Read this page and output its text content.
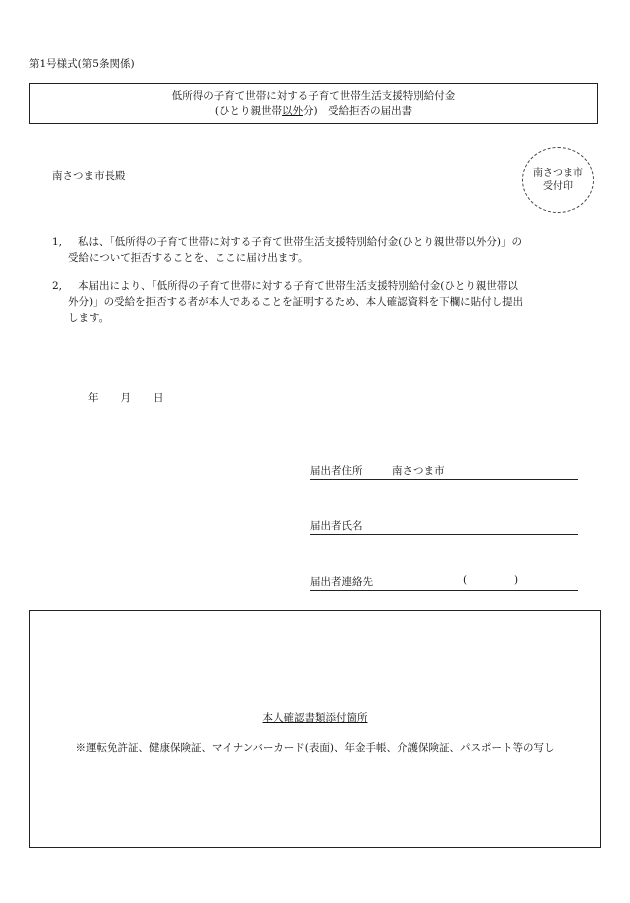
第1号様式(第5条関係)
低所得の子育て世帯に対する子育て世帯生活支援特別給付金
(ひとり親世帯以外分)　受給拒否の届出書
南さつま市長殿	南さつま市
受付印
1,	私は、「低所得の子育て世帯に対する子育て世帯生活支援特別給付金(ひとり親世帯以外分)」の
受給について拒否することを、ここに届け出ます。
2,	本届出により、「低所得の子育て世帯に対する子育て世帯生活支援特別給付金(ひとり親世帯以
外分)」の受給を拒否する者が本人であることを証明するため、本人確認資料を下欄に貼付し提出
します。
年 月 日
届出者住所	南さつま市
届出者氏名
届出者連絡先	(	)
本人確認書類添付箇所
※運転免許証、健康保険証、マイナンバーカード(表面)、年金手帳、介護保険証、パスポート等の写し
